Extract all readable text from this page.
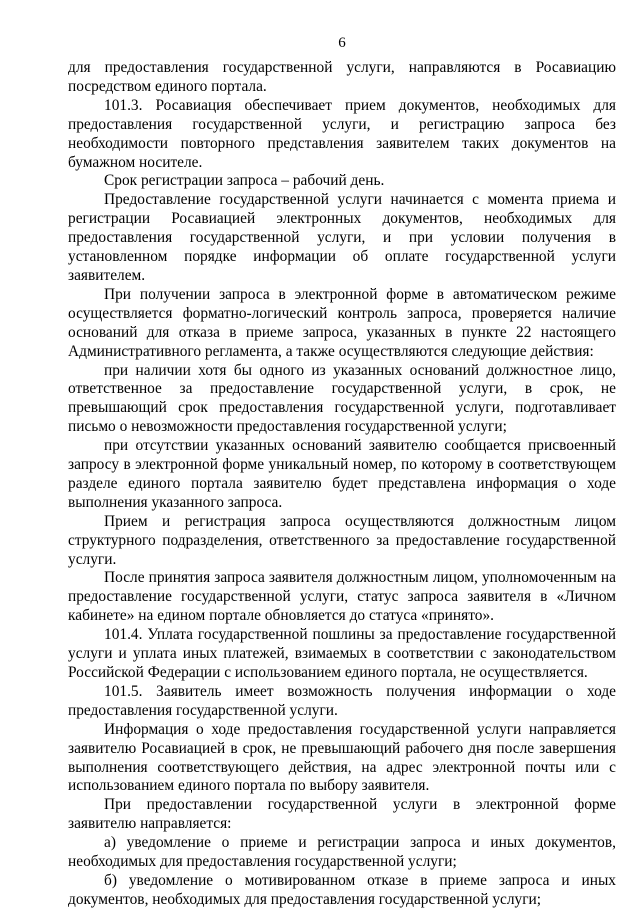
6

для предоставления государственной услуги, направляются в Росавиацию посредством единого портала.

101.3. Росавиация обеспечивает прием документов, необходимых для предоставления государственной услуги, и регистрацию запроса без необходимости повторного представления заявителем таких документов на бумажном носителе.

Срок регистрации запроса – рабочий день.

Предоставление государственной услуги начинается с момента приема и регистрации Росавиацией электронных документов, необходимых для предоставления государственной услуги, и при условии получения в установленном порядке информации об оплате государственной услуги заявителем.

При получении запроса в электронной форме в автоматическом режиме осуществляется форматно-логический контроль запроса, проверяется наличие оснований для отказа в приеме запроса, указанных в пункте 22 настоящего Административного регламента, а также осуществляются следующие действия:

при наличии хотя бы одного из указанных оснований должностное лицо, ответственное за предоставление государственной услуги, в срок, не превышающий срок предоставления государственной услуги, подготавливает письмо о невозможности предоставления государственной услуги;

при отсутствии указанных оснований заявителю сообщается присвоенный запросу в электронной форме уникальный номер, по которому в соответствующем разделе единого портала заявителю будет представлена информация о ходе выполнения указанного запроса.

Прием и регистрация запроса осуществляются должностным лицом структурного подразделения, ответственного за предоставление государственной услуги.

После принятия запроса заявителя должностным лицом, уполномоченным на предоставление государственной услуги, статус запроса заявителя в «Личном кабинете» на едином портале обновляется до статуса «принято».

101.4. Уплата государственной пошлины за предоставление государственной услуги и уплата иных платежей, взимаемых в соответствии с законодательством Российской Федерации с использованием единого портала, не осуществляется.

101.5. Заявитель имеет возможность получения информации о ходе предоставления государственной услуги.

Информация о ходе предоставления государственной услуги направляется заявителю Росавиацией в срок, не превышающий рабочего дня после завершения выполнения соответствующего действия, на адрес электронной почты или с использованием единого портала по выбору заявителя.

При предоставлении государственной услуги в электронной форме заявителю направляется:

а) уведомление о приеме и регистрации запроса и иных документов, необходимых для предоставления государственной услуги;

б) уведомление о мотивированном отказе в приеме запроса и иных документов, необходимых для предоставления государственной услуги;
